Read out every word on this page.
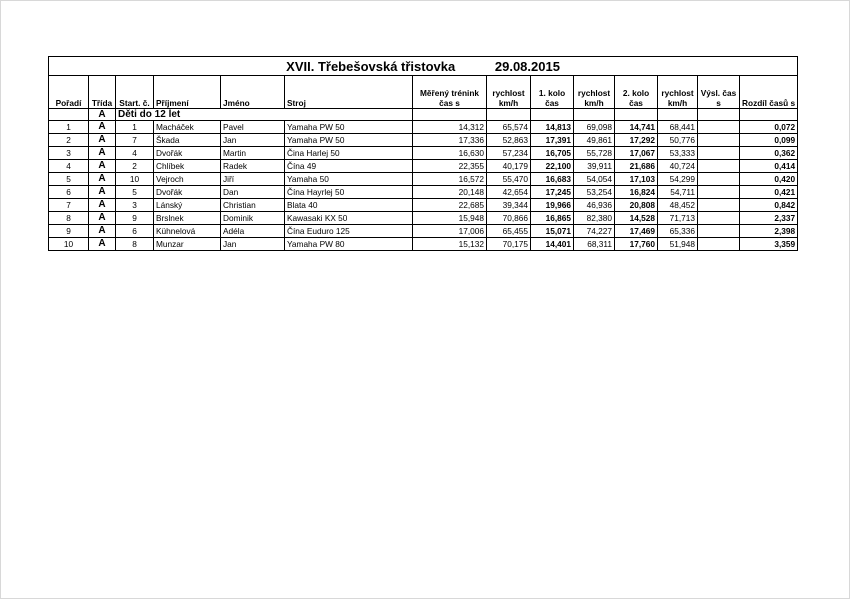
XVII. Třebešovská třistovka 29.08.2015													
Pořadí	Třída	Start. č.	Příjmení	Jméno	Stroj	Měřený trénink čas s	rychlost km/h	1. kolo čas	rychlost km/h	2. kolo čas	rychlost km/h	Výsl. čas s	Rozdíl časů s
	A	Děti do 12 let											
1	A	1	Macháček	Pavel	Yamaha PW 50	14,312	65,574	14,813	69,098	14,741	68,441		0,072
2	A	7	Škada	Jan	Yamaha PW 50	17,336	52,863	17,391	49,861	17,292	50,776		0,099
3	A	4	Dvořák	Martin	Čina Harlej 50	16,630	57,234	16,705	55,728	17,067	53,333		0,362
4	A	2	Chlíbek	Radek	Čína 49	22,355	40,179	22,100	39,911	21,686	40,724		0,414
5	A	10	Vejroch	Jiří	Yamaha 50	16,572	55,470	16,683	54,054	17,103	54,299		0,420
6	A	5	Dvořák	Dan	Čína Hayrlej 50	20,148	42,654	17,245	53,254	16,824	54,711		0,421
7	A	3	Lánský	Christian	Blata 40	22,685	39,344	19,966	46,936	20,808	48,452		0,842
8	A	9	Brslnek	Dominik	Kawasaki KX 50	15,948	70,866	16,865	82,380	14,528	71,713		2,337
9	A	6	Kühnelová	Adéla	Čína Euduro 125	17,006	65,455	15,071	74,227	17,469	65,336		2,398
10	A	8	Munzar	Jan	Yamaha PW 80	15,132	70,175	14,401	68,311	17,760	51,948		3,359
